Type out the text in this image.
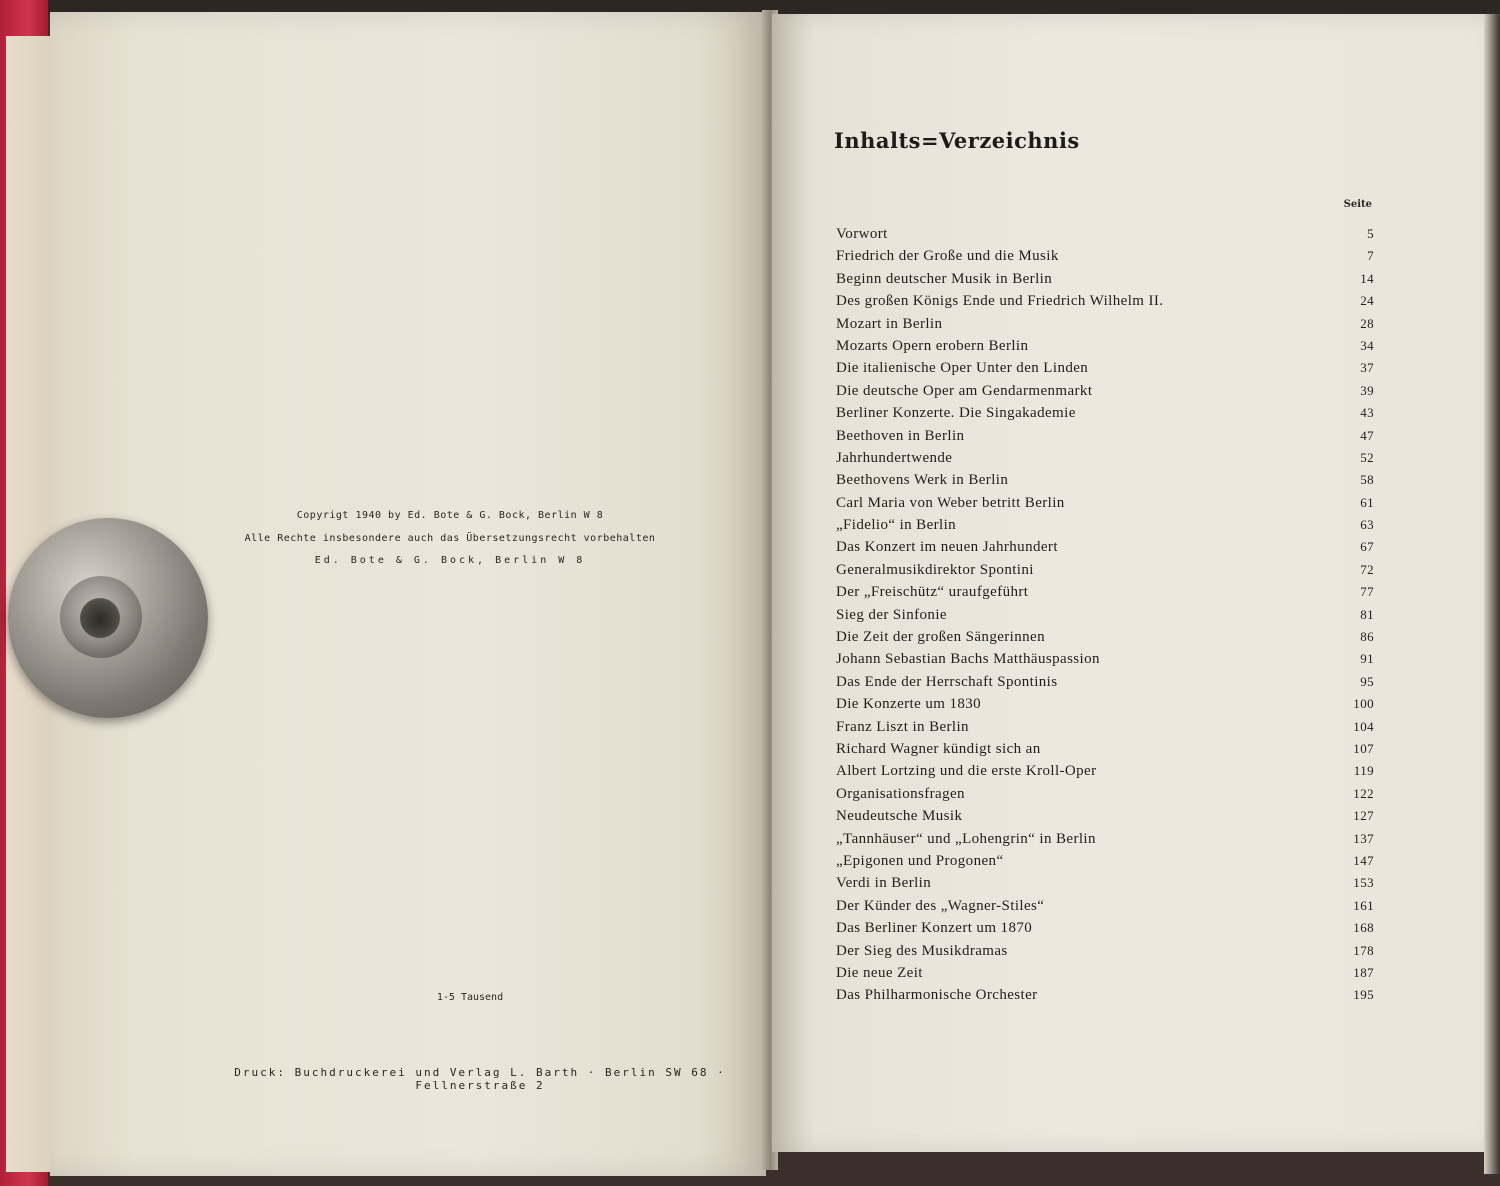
Copyrigt 1940 by Ed. Bote & G. Bock, Berlin W 8
Alle Rechte insbesondere auch das Übersetzungsrecht vorbehalten
Ed. Bote & G. Bock, Berlin W 8
1-5 Tausend
Druck: Buchdruckerei und Verlag L. Barth · Berlin SW 68 · Fellnerstraße 2
Inhalts=Verzeichnis
Seite
Vorwort	5
Friedrich der Große und die Musik	7
Beginn deutscher Musik in Berlin	14
Des großen Königs Ende und Friedrich Wilhelm II.	24
Mozart in Berlin	28
Mozarts Opern erobern Berlin	34
Die italienische Oper Unter den Linden	37
Die deutsche Oper am Gendarmenmarkt	39
Berliner Konzerte. Die Singakademie	43
Beethoven in Berlin	47
Jahrhundertwende	52
Beethovens Werk in Berlin	58
Carl Maria von Weber betritt Berlin	61
„Fidelio“ in Berlin	63
Das Konzert im neuen Jahrhundert	67
Generalmusikdirektor Spontini	72
Der „Freischütz“ uraufgeführt	77
Sieg der Sinfonie	81
Die Zeit der großen Sängerinnen	86
Johann Sebastian Bachs Matthäuspassion	91
Das Ende der Herrschaft Spontinis	95
Die Konzerte um 1830	100
Franz Liszt in Berlin	104
Richard Wagner kündigt sich an	107
Albert Lortzing und die erste Kroll-Oper	119
Organisationsfragen	122
Neudeutsche Musik	127
„Tannhäuser“ und „Lohengrin“ in Berlin	137
„Epigonen und Progonen“	147
Verdi in Berlin	153
Der Künder des „Wagner-Stiles“	161
Das Berliner Konzert um 1870	168
Der Sieg des Musikdramas	178
Die neue Zeit	187
Das Philharmonische Orchester	195
